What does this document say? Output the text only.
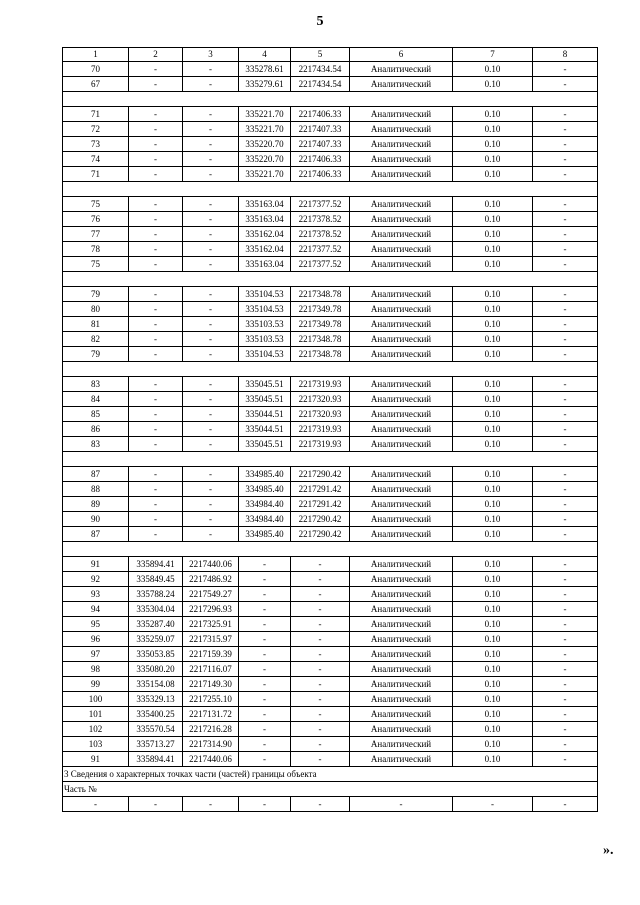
5
1	2	3	4	5	6	7	8
70	-	-	335278.61	2217434.54	Аналитический	0.10	-
67	-	-	335279.61	2217434.54	Аналитический	0.10	-

71	-	-	335221.70	2217406.33	Аналитический	0.10	-
72	-	-	335221.70	2217407.33	Аналитический	0.10	-
73	-	-	335220.70	2217407.33	Аналитический	0.10	-
74	-	-	335220.70	2217406.33	Аналитический	0.10	-
71	-	-	335221.70	2217406.33	Аналитический	0.10	-

75	-	-	335163.04	2217377.52	Аналитический	0.10	-
76	-	-	335163.04	2217378.52	Аналитический	0.10	-
77	-	-	335162.04	2217378.52	Аналитический	0.10	-
78	-	-	335162.04	2217377.52	Аналитический	0.10	-
75	-	-	335163.04	2217377.52	Аналитический	0.10	-

79	-	-	335104.53	2217348.78	Аналитический	0.10	-
80	-	-	335104.53	2217349.78	Аналитический	0.10	-
81	-	-	335103.53	2217349.78	Аналитический	0.10	-
82	-	-	335103.53	2217348.78	Аналитический	0.10	-
79	-	-	335104.53	2217348.78	Аналитический	0.10	-

83	-	-	335045.51	2217319.93	Аналитический	0.10	-
84	-	-	335045.51	2217320.93	Аналитический	0.10	-
85	-	-	335044.51	2217320.93	Аналитический	0.10	-
86	-	-	335044.51	2217319.93	Аналитический	0.10	-
83	-	-	335045.51	2217319.93	Аналитический	0.10	-

87	-	-	334985.40	2217290.42	Аналитический	0.10	-
88	-	-	334985.40	2217291.42	Аналитический	0.10	-
89	-	-	334984.40	2217291.42	Аналитический	0.10	-
90	-	-	334984.40	2217290.42	Аналитический	0.10	-
87	-	-	334985.40	2217290.42	Аналитический	0.10	-

91	335894.41	2217440.06	-	-	Аналитический	0.10	-
92	335849.45	2217486.92	-	-	Аналитический	0.10	-
93	335788.24	2217549.27	-	-	Аналитический	0.10	-
94	335304.04	2217296.93	-	-	Аналитический	0.10	-
95	335287.40	2217325.91	-	-	Аналитический	0.10	-
96	335259.07	2217315.97	-	-	Аналитический	0.10	-
97	335053.85	2217159.39	-	-	Аналитический	0.10	-
98	335080.20	2217116.07	-	-	Аналитический	0.10	-
99	335154.08	2217149.30	-	-	Аналитический	0.10	-
100	335329.13	2217255.10	-	-	Аналитический	0.10	-
101	335400.25	2217131.72	-	-	Аналитический	0.10	-
102	335570.54	2217216.28	-	-	Аналитический	0.10	-
103	335713.27	2217314.90	-	-	Аналитический	0.10	-
91	335894.41	2217440.06	-	-	Аналитический	0.10	-
3 Сведения о характерных точках части (частей) границы объекта							
Часть №							
-	-	-	-	-	-	-	-
».
